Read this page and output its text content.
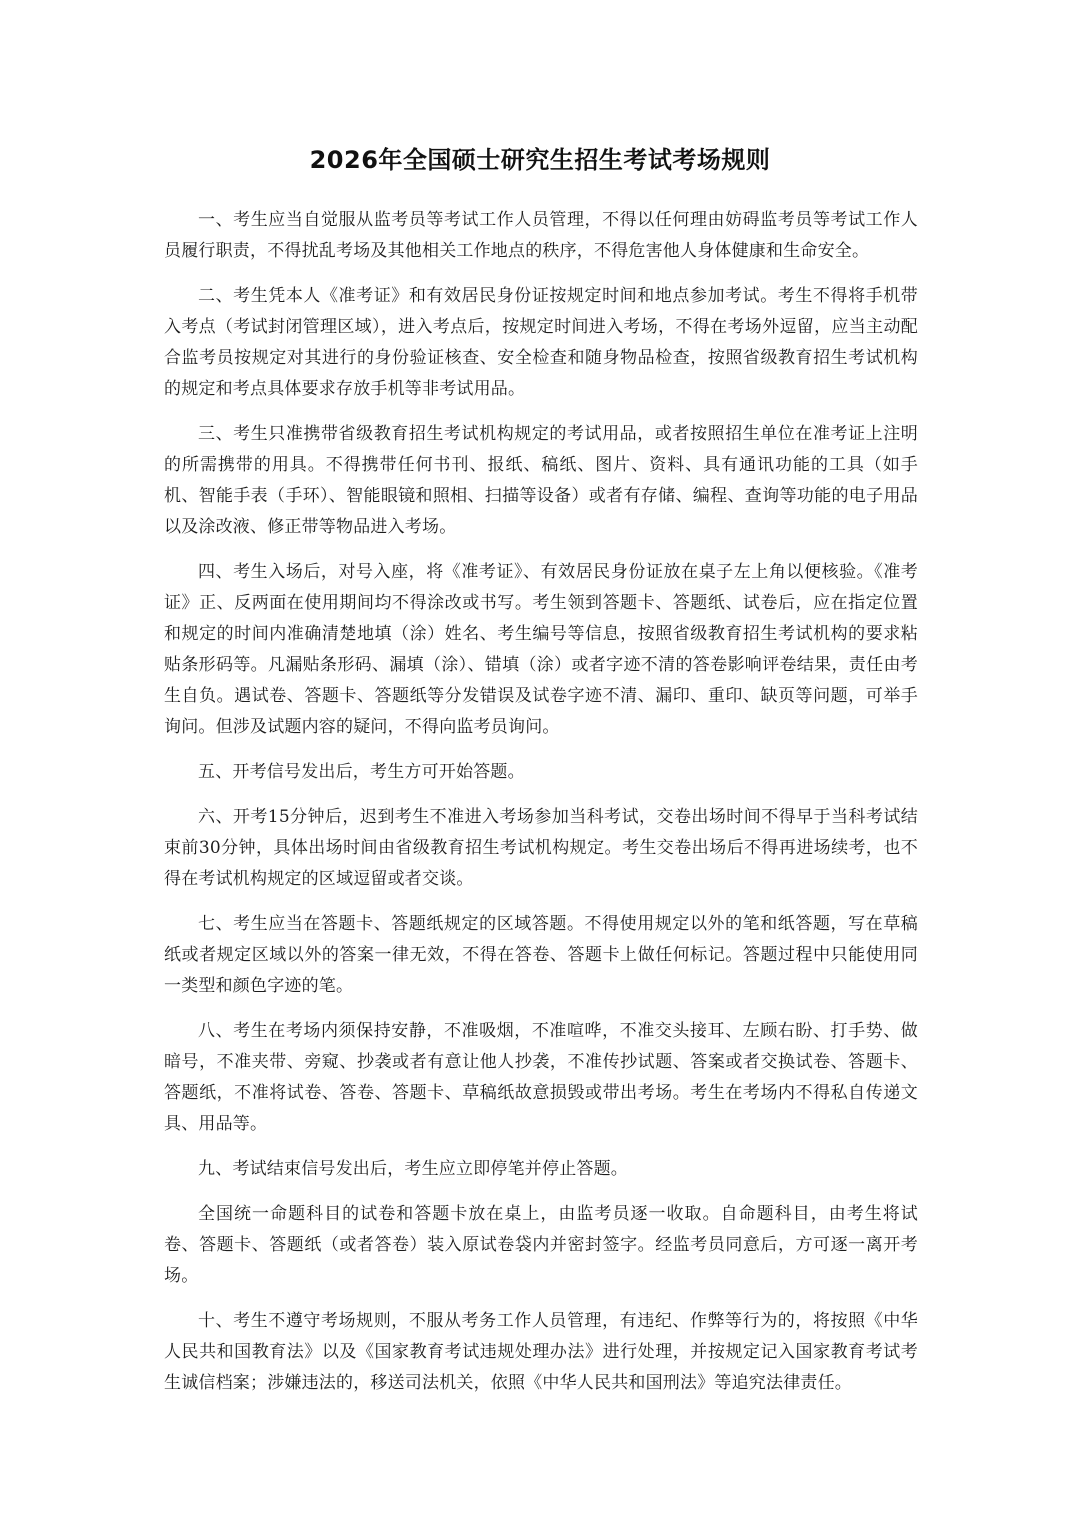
2026年全国硕士研究生招生考试考场规则

一、考生应当自觉服从监考员等考试工作人员管理，不得以任何理由妨碍监考员等考试工作人员履行职责，不得扰乱考场及其他相关工作地点的秩序，不得危害他人身体健康和生命安全。

二、考生凭本人《准考证》和有效居民身份证按规定时间和地点参加考试。考生不得将手机带入考点（考试封闭管理区域），进入考点后，按规定时间进入考场，不得在考场外逗留，应当主动配合监考员按规定对其进行的身份验证核查、安全检查和随身物品检查，按照省级教育招生考试机构的规定和考点具体要求存放手机等非考试用品。

三、考生只准携带省级教育招生考试机构规定的考试用品，或者按照招生单位在准考证上注明的所需携带的用具。不得携带任何书刊、报纸、稿纸、图片、资料、具有通讯功能的工具（如手机、智能手表（手环）、智能眼镜和照相、扫描等设备）或者有存储、编程、查询等功能的电子用品以及涂改液、修正带等物品进入考场。

四、考生入场后，对号入座，将《准考证》、有效居民身份证放在桌子左上角以便核验。《准考证》正、反两面在使用期间均不得涂改或书写。考生领到答题卡、答题纸、试卷后，应在指定位置和规定的时间内准确清楚地填（涂）姓名、考生编号等信息，按照省级教育招生考试机构的要求粘贴条形码等。凡漏贴条形码、漏填（涂）、错填（涂）或者字迹不清的答卷影响评卷结果，责任由考生自负。遇试卷、答题卡、答题纸等分发错误及试卷字迹不清、漏印、重印、缺页等问题，可举手询问。但涉及试题内容的疑问，不得向监考员询问。

五、开考信号发出后，考生方可开始答题。

六、开考15分钟后，迟到考生不准进入考场参加当科考试，交卷出场时间不得早于当科考试结束前30分钟，具体出场时间由省级教育招生考试机构规定。考生交卷出场后不得再进场续考，也不得在考试机构规定的区域逗留或者交谈。

七、考生应当在答题卡、答题纸规定的区域答题。不得使用规定以外的笔和纸答题，写在草稿纸或者规定区域以外的答案一律无效，不得在答卷、答题卡上做任何标记。答题过程中只能使用同一类型和颜色字迹的笔。

八、考生在考场内须保持安静，不准吸烟，不准喧哗，不准交头接耳、左顾右盼、打手势、做暗号，不准夹带、旁窥、抄袭或者有意让他人抄袭，不准传抄试题、答案或者交换试卷、答题卡、答题纸，不准将试卷、答卷、答题卡、草稿纸故意损毁或带出考场。考生在考场内不得私自传递文具、用品等。

九、考试结束信号发出后，考生应立即停笔并停止答题。

全国统一命题科目的试卷和答题卡放在桌上，由监考员逐一收取。自命题科目，由考生将试卷、答题卡、答题纸（或者答卷）装入原试卷袋内并密封签字。经监考员同意后，方可逐一离开考场。

十、考生不遵守考场规则，不服从考务工作人员管理，有违纪、作弊等行为的，将按照《中华人民共和国教育法》以及《国家教育考试违规处理办法》进行处理，并按规定记入国家教育考试考生诚信档案；涉嫌违法的，移送司法机关，依照《中华人民共和国刑法》等追究法律责任。
